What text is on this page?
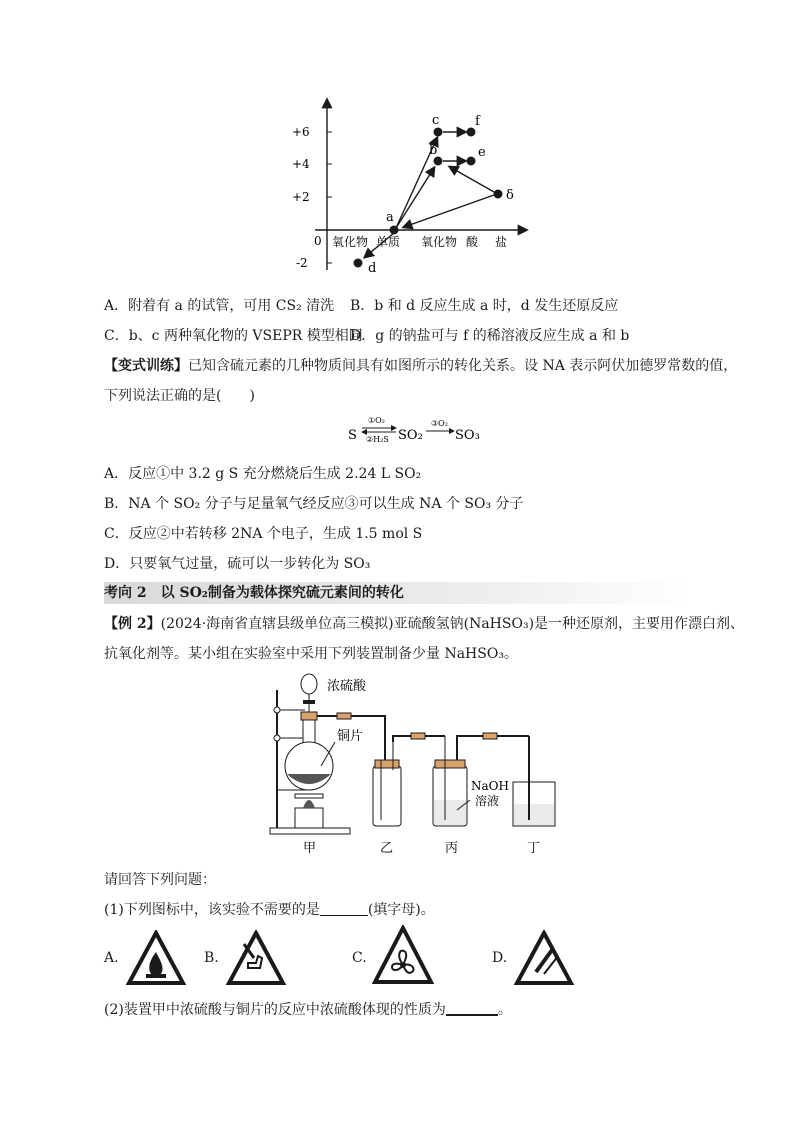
+6
+4
+2
0
-2
氧化物 单质 氧化物 酸 盐
a
b
c
d
e
f
δ
A．附着有 a 的试管，可用 CS₂ 清洗 B．b 和 d 反应生成 a 时，d 发生还原反应
C．b、c 两种氧化物的 VSEPR 模型相同
D．g 的钠盐可与 f 的稀溶液反应生成 a 和 b
【变式训练】已知含硫元素的几种物质间具有如图所示的转化关系。设 NA 表示阿伏加德罗常数的值，
下列说法正确的是(　　)
S
①O₂
②H₂S SO₂
③O₂
SO₃
A．反应①中 3.2 g S 充分燃烧后生成 2.24 L SO₂
B．NA 个 SO₂ 分子与足量氧气经反应③可以生成 NA 个 SO₃ 分子
C．反应②中若转移 2NA 个电子，生成 1.5 mol S
D．只要氧气过量，硫可以一步转化为 SO₃
考向 2　以 SO₂制备为载体探究硫元素间的转化
【例 2】(2024·海南省直辖县级单位高三模拟)亚硫酸氢钠(NaHSO₃)是一种还原剂，主要用作漂白剂、
抗氧化剂等。某小组在实验室中采用下列装置制备少量 NaHSO₃。
浓硫酸
铜片
NaOH
溶液
甲	乙	丙	丁
请回答下列问题：
(1)下列图标中，该实验不需要的是	(填字母)。
A.	B.	C.	D.
(2)装置甲中浓硫酸与铜片的反应中浓硫酸体现的性质为	。
